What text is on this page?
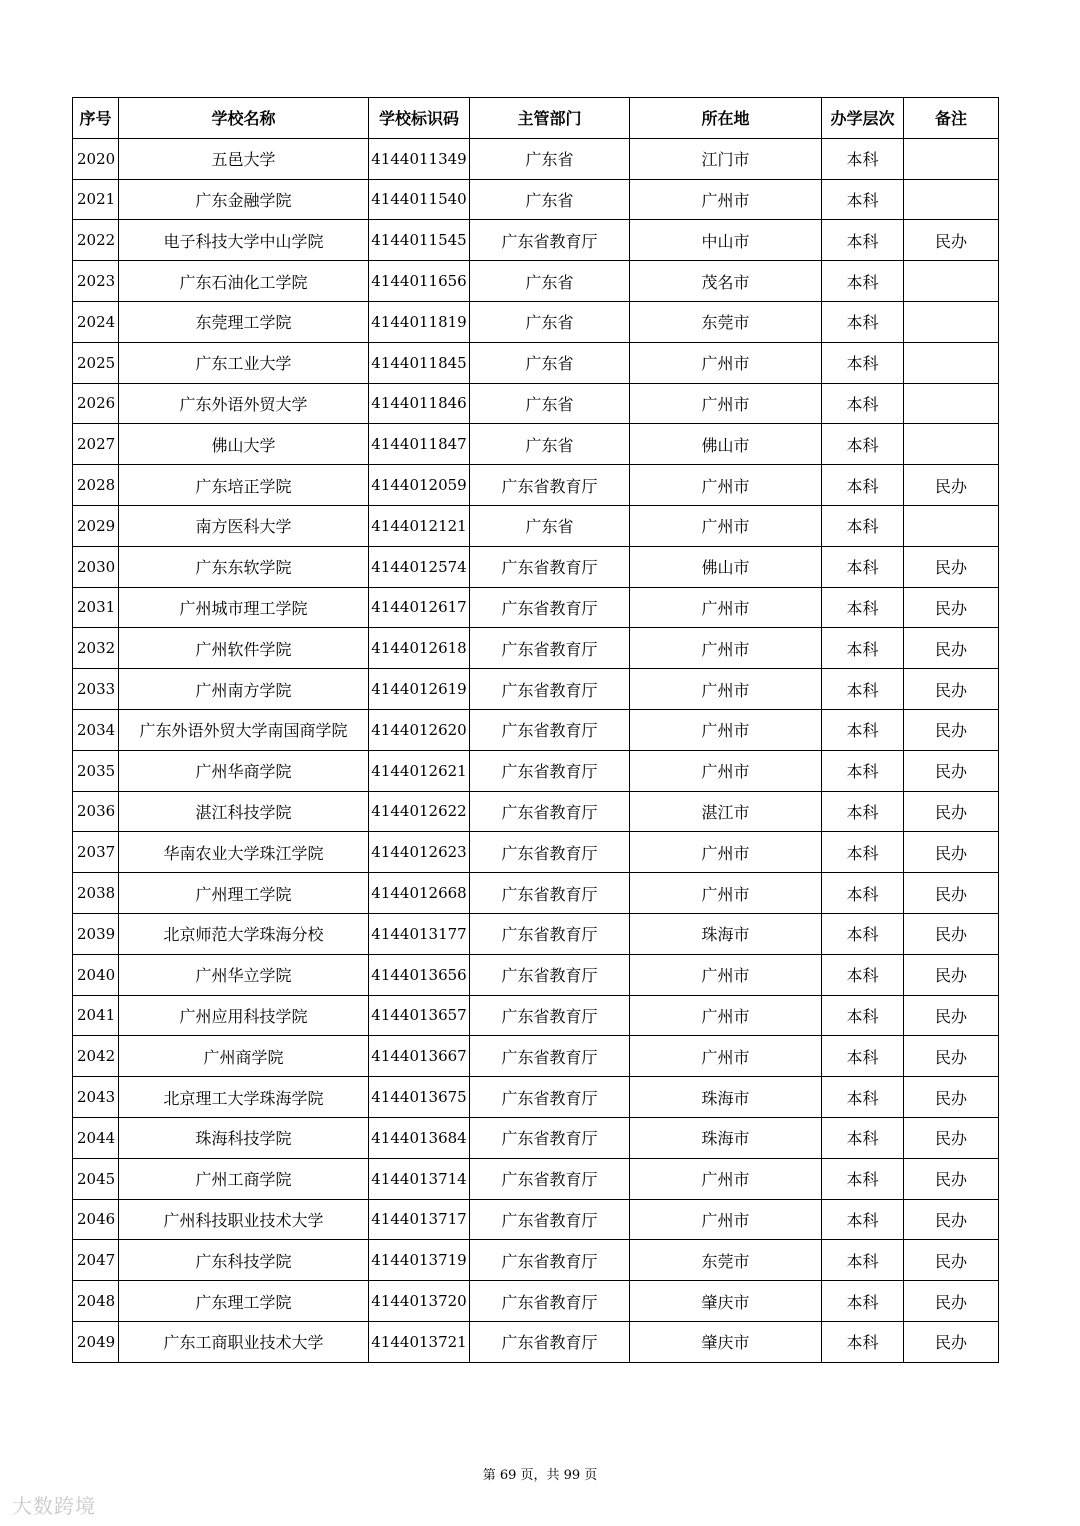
序号	学校名称	学校标识码	主管部门	所在地	办学层次	备注
2020	五邑大学	4144011349	广东省	江门市	本科	
2021	广东金融学院	4144011540	广东省	广州市	本科	
2022	电子科技大学中山学院	4144011545	广东省教育厅	中山市	本科	民办
2023	广东石油化工学院	4144011656	广东省	茂名市	本科	
2024	东莞理工学院	4144011819	广东省	东莞市	本科	
2025	广东工业大学	4144011845	广东省	广州市	本科	
2026	广东外语外贸大学	4144011846	广东省	广州市	本科	
2027	佛山大学	4144011847	广东省	佛山市	本科	
2028	广东培正学院	4144012059	广东省教育厅	广州市	本科	民办
2029	南方医科大学	4144012121	广东省	广州市	本科	
2030	广东东软学院	4144012574	广东省教育厅	佛山市	本科	民办
2031	广州城市理工学院	4144012617	广东省教育厅	广州市	本科	民办
2032	广州软件学院	4144012618	广东省教育厅	广州市	本科	民办
2033	广州南方学院	4144012619	广东省教育厅	广州市	本科	民办
2034	广东外语外贸大学南国商学院	4144012620	广东省教育厅	广州市	本科	民办
2035	广州华商学院	4144012621	广东省教育厅	广州市	本科	民办
2036	湛江科技学院	4144012622	广东省教育厅	湛江市	本科	民办
2037	华南农业大学珠江学院	4144012623	广东省教育厅	广州市	本科	民办
2038	广州理工学院	4144012668	广东省教育厅	广州市	本科	民办
2039	北京师范大学珠海分校	4144013177	广东省教育厅	珠海市	本科	民办
2040	广州华立学院	4144013656	广东省教育厅	广州市	本科	民办
2041	广州应用科技学院	4144013657	广东省教育厅	广州市	本科	民办
2042	广州商学院	4144013667	广东省教育厅	广州市	本科	民办
2043	北京理工大学珠海学院	4144013675	广东省教育厅	珠海市	本科	民办
2044	珠海科技学院	4144013684	广东省教育厅	珠海市	本科	民办
2045	广州工商学院	4144013714	广东省教育厅	广州市	本科	民办
2046	广州科技职业技术大学	4144013717	广东省教育厅	广州市	本科	民办
2047	广东科技学院	4144013719	广东省教育厅	东莞市	本科	民办
2048	广东理工学院	4144013720	广东省教育厅	肇庆市	本科	民办
2049	广东工商职业技术大学	4144013721	广东省教育厅	肇庆市	本科	民办
第 69 页，共 99 页
大数跨境
